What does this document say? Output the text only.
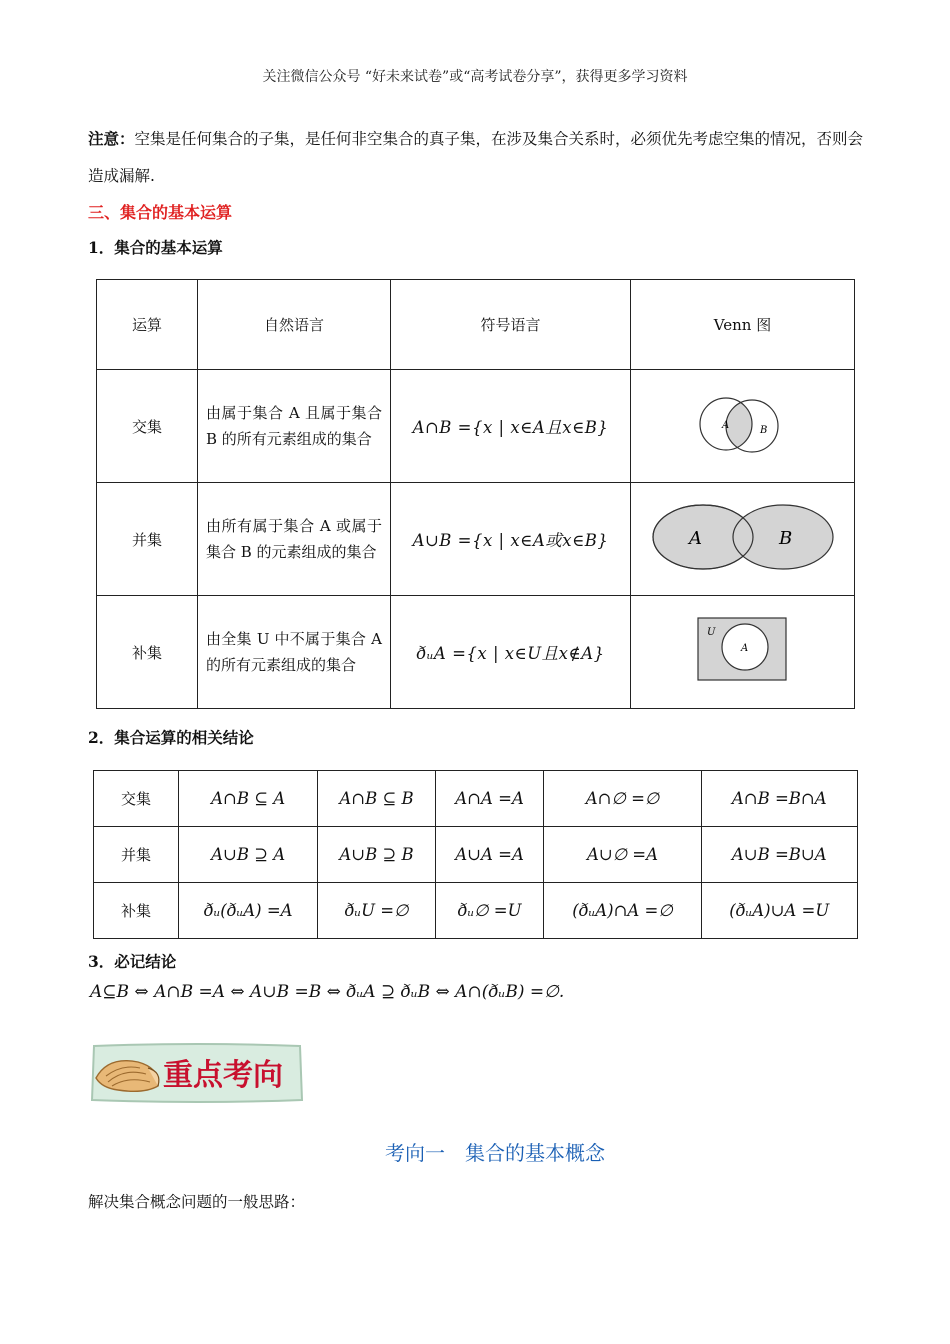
关注微信公众号 “好未来试卷”或“高考试卷分享”，获得更多学习资料
注意：空集是任何集合的子集，是任何非空集合的真子集，在涉及集合关系时，必须优先考虑空集的情况，否则会造成漏解.
三、集合的基本运算
1．集合的基本运算
运算	自然语言	符号语言	Venn 图
交集	由属于集合 A 且属于集合 B 的所有元素组成的集合	A∩B ={x | x∈A且x∈B}	A B

并集	由所有属于集合 A 或属于集合 B 的元素组成的集合	A∪B ={x | x∈A或x∈B}	A B

补集	由全集 U 中不属于集合 A 的所有元素组成的集合	ðᵤA ={x | x∈U且x∉A}	U
A
2．集合运算的相关结论
交集	A∩B ⊆ A	A∩B ⊆ B	A∩A =A	A∩∅ =∅	A∩B =B∩A
并集	A∪B ⊇ A	A∪B ⊇ B	A∪A =A	A∪∅ =A	A∪B =B∪A
补集	ðᵤ(ðᵤA) =A	ðᵤU =∅	ðᵤ∅ =U	(ðᵤA)∩A =∅	(ðᵤA)∪A =U
3．必记结论
A⊆B ⇔ A∩B =A ⇔ A∪B =B ⇔ ðᵤA ⊇ ðᵤB ⇔ A∩(ðᵤB) =∅.
重点考向
考向一　集合的基本概念
解决集合概念问题的一般思路：
